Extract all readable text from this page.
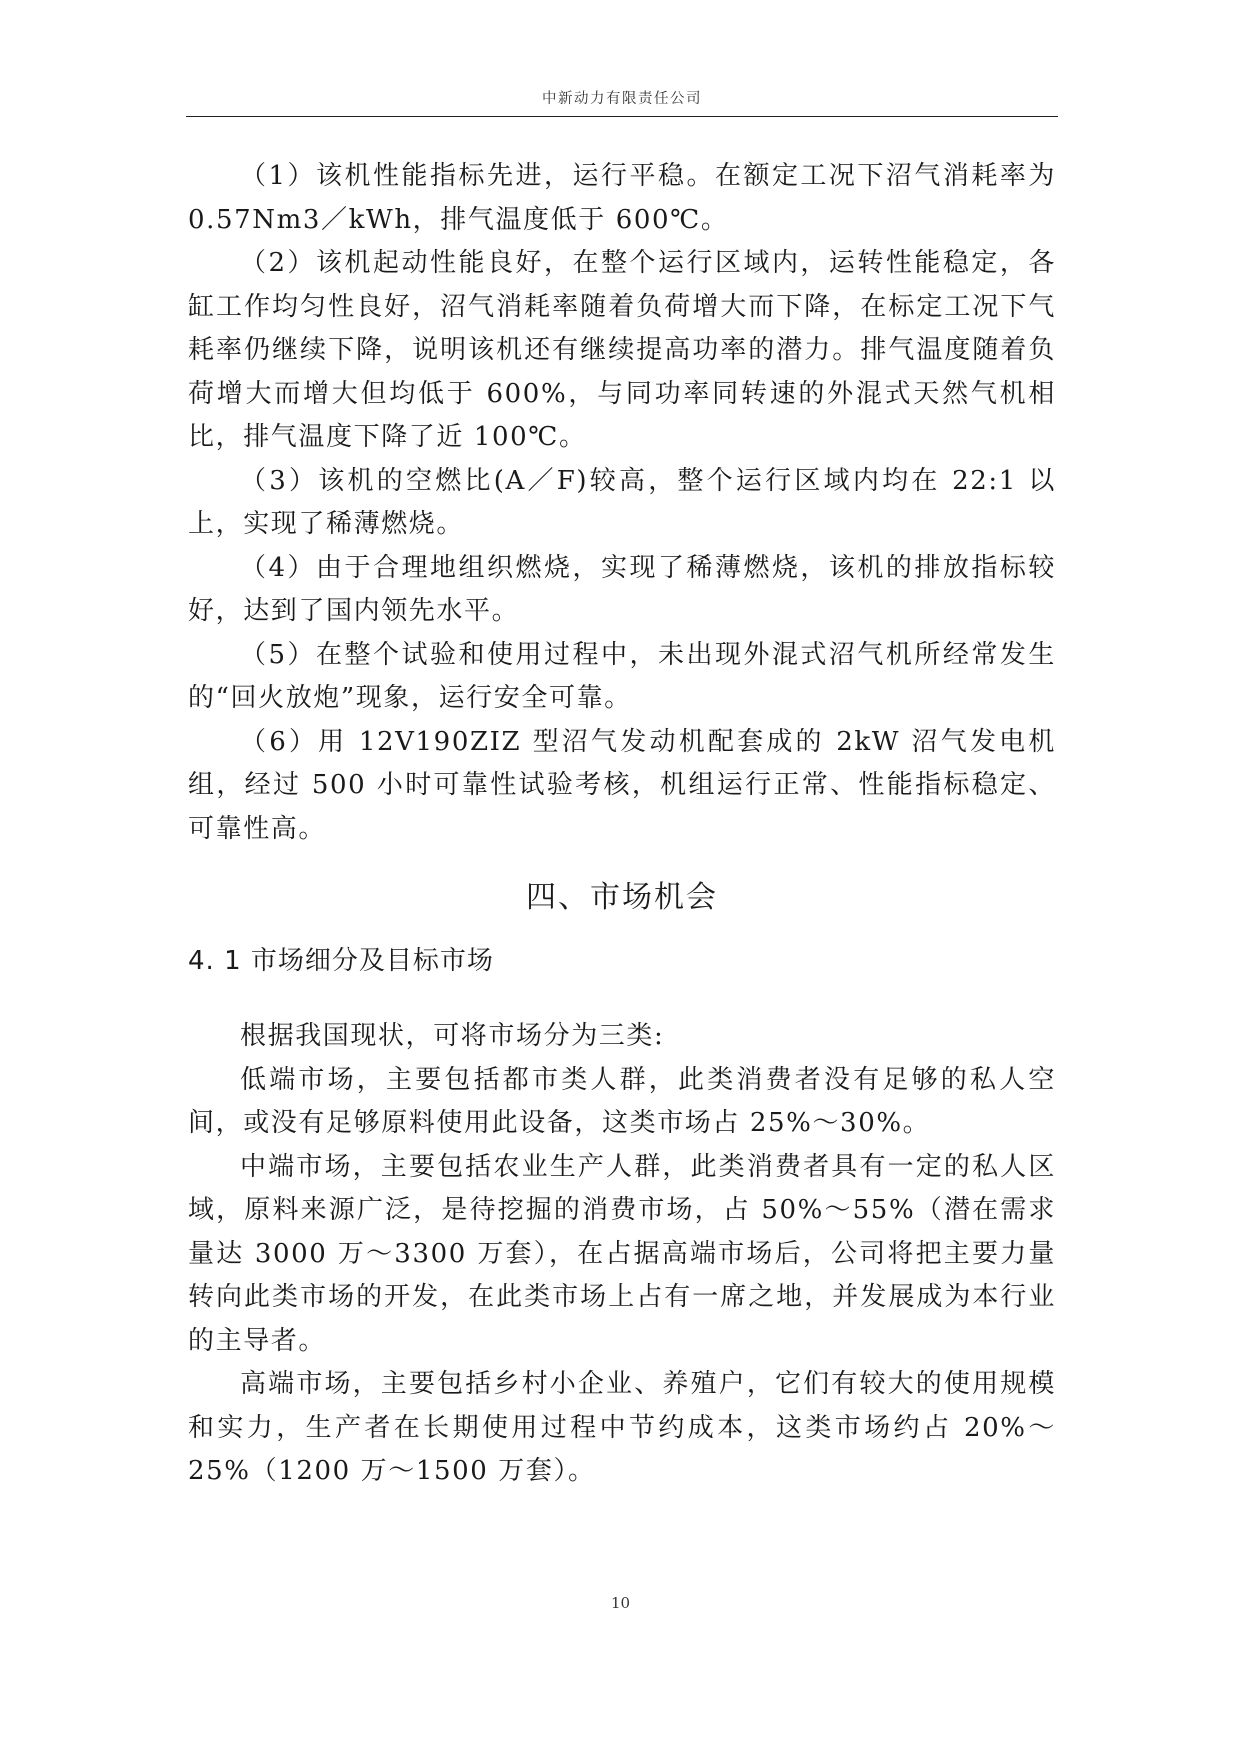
中新动力有限责任公司

（1）该机性能指标先进，运行平稳。在额定工况下沼气消耗率为 0.57Nm3／kWh，排气温度低于 600℃。

（2）该机起动性能良好，在整个运行区域内，运转性能稳定，各缸工作均匀性良好，沼气消耗率随着负荷增大而下降，在标定工况下气耗率仍继续下降，说明该机还有继续提高功率的潜力。排气温度随着负荷增大而增大但均低于 600%，与同功率同转速的外混式天然气机相比，排气温度下降了近 100℃。

（3）该机的空燃比(A／F)较高，整个运行区域内均在 22:1 以上，实现了稀薄燃烧。

（4）由于合理地组织燃烧，实现了稀薄燃烧，该机的排放指标较好，达到了国内领先水平。

（5）在整个试验和使用过程中，未出现外混式沼气机所经常发生的“回火放炮”现象，运行安全可靠。

（6）用 12V190ZIZ 型沼气发动机配套成的 2kW 沼气发电机组，经过 500 小时可靠性试验考核，机组运行正常、性能指标稳定、可靠性高。

四、市场机会
4. 1 市场细分及目标市场

根据我国现状，可将市场分为三类:

低端市场，主要包括都市类人群，此类消费者没有足够的私人空间，或没有足够原料使用此设备，这类市场占 25%～30%。

中端市场，主要包括农业生产人群，此类消费者具有一定的私人区域，原料来源广泛，是待挖掘的消费市场，占 50%～55%（潜在需求量达 3000 万～3300 万套），在占据高端市场后，公司将把主要力量转向此类市场的开发，在此类市场上占有一席之地，并发展成为本行业的主导者。

高端市场，主要包括乡村小企业、养殖户，它们有较大的使用规模和实力，生产者在长期使用过程中节约成本，这类市场约占 20%～25%（1200 万～1500 万套）。

10
